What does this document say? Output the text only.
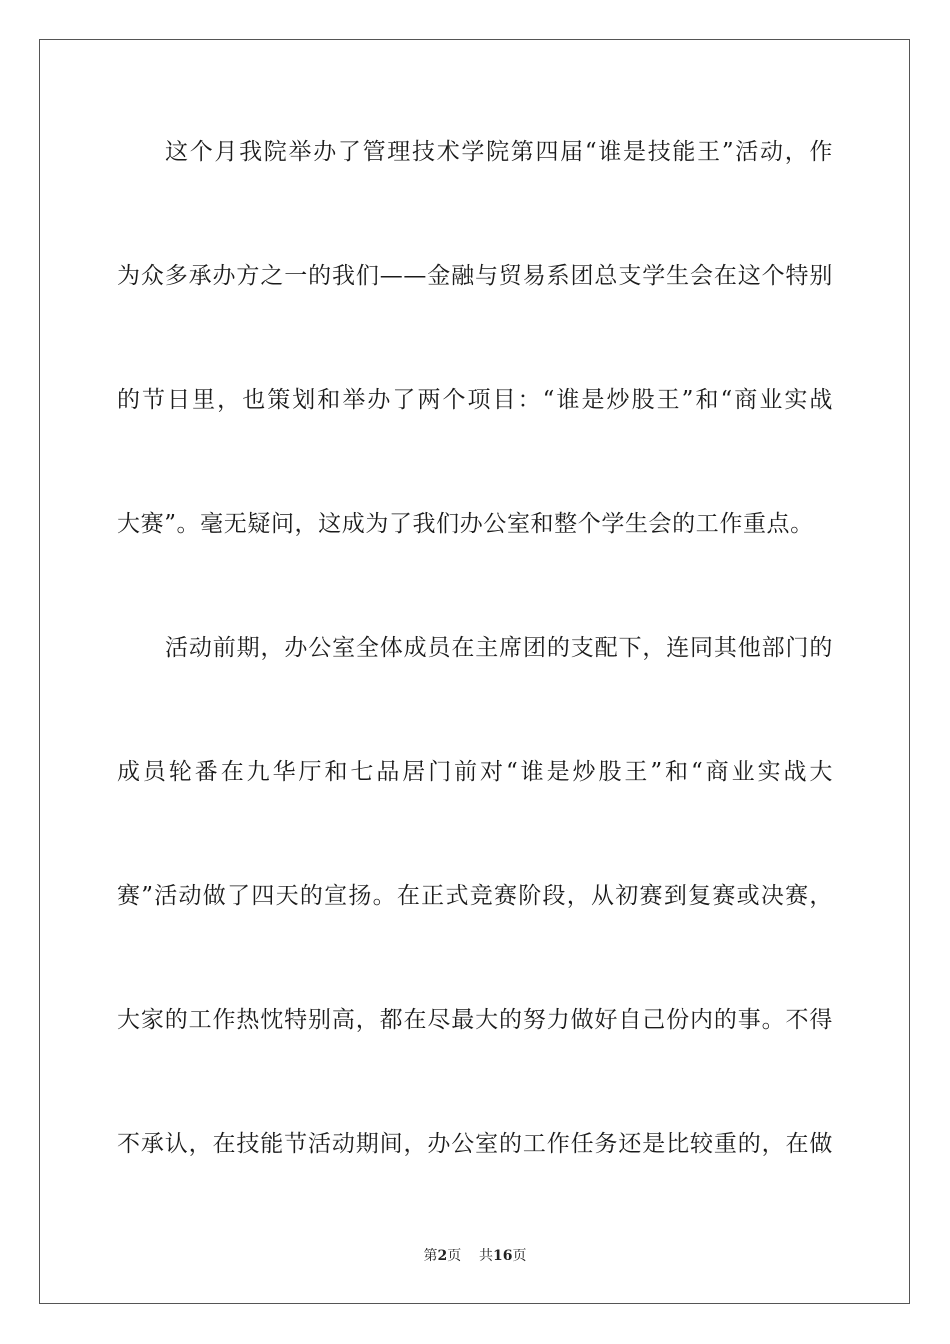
这个月我院举办了管理技术学院第四届“谁是技能王”活动，作
为众多承办方之一的我们——金融与贸易系团总支学生会在这个特别
的节日里，也策划和举办了两个项目：“谁是炒股王”和“商业实战
大赛”。毫无疑问，这成为了我们办公室和整个学生会的工作重点。
活动前期，办公室全体成员在主席团的支配下，连同其他部门的
成员轮番在九华厅和七品居门前对“谁是炒股王”和“商业实战大
赛”活动做了四天的宣扬。在正式竞赛阶段，从初赛到复赛或决赛，
大家的工作热忱特别高，都在尽最大的努力做好自己份内的事。不得
不承认，在技能节活动期间，办公室的工作任务还是比较重的，在做
第2页 共16页
